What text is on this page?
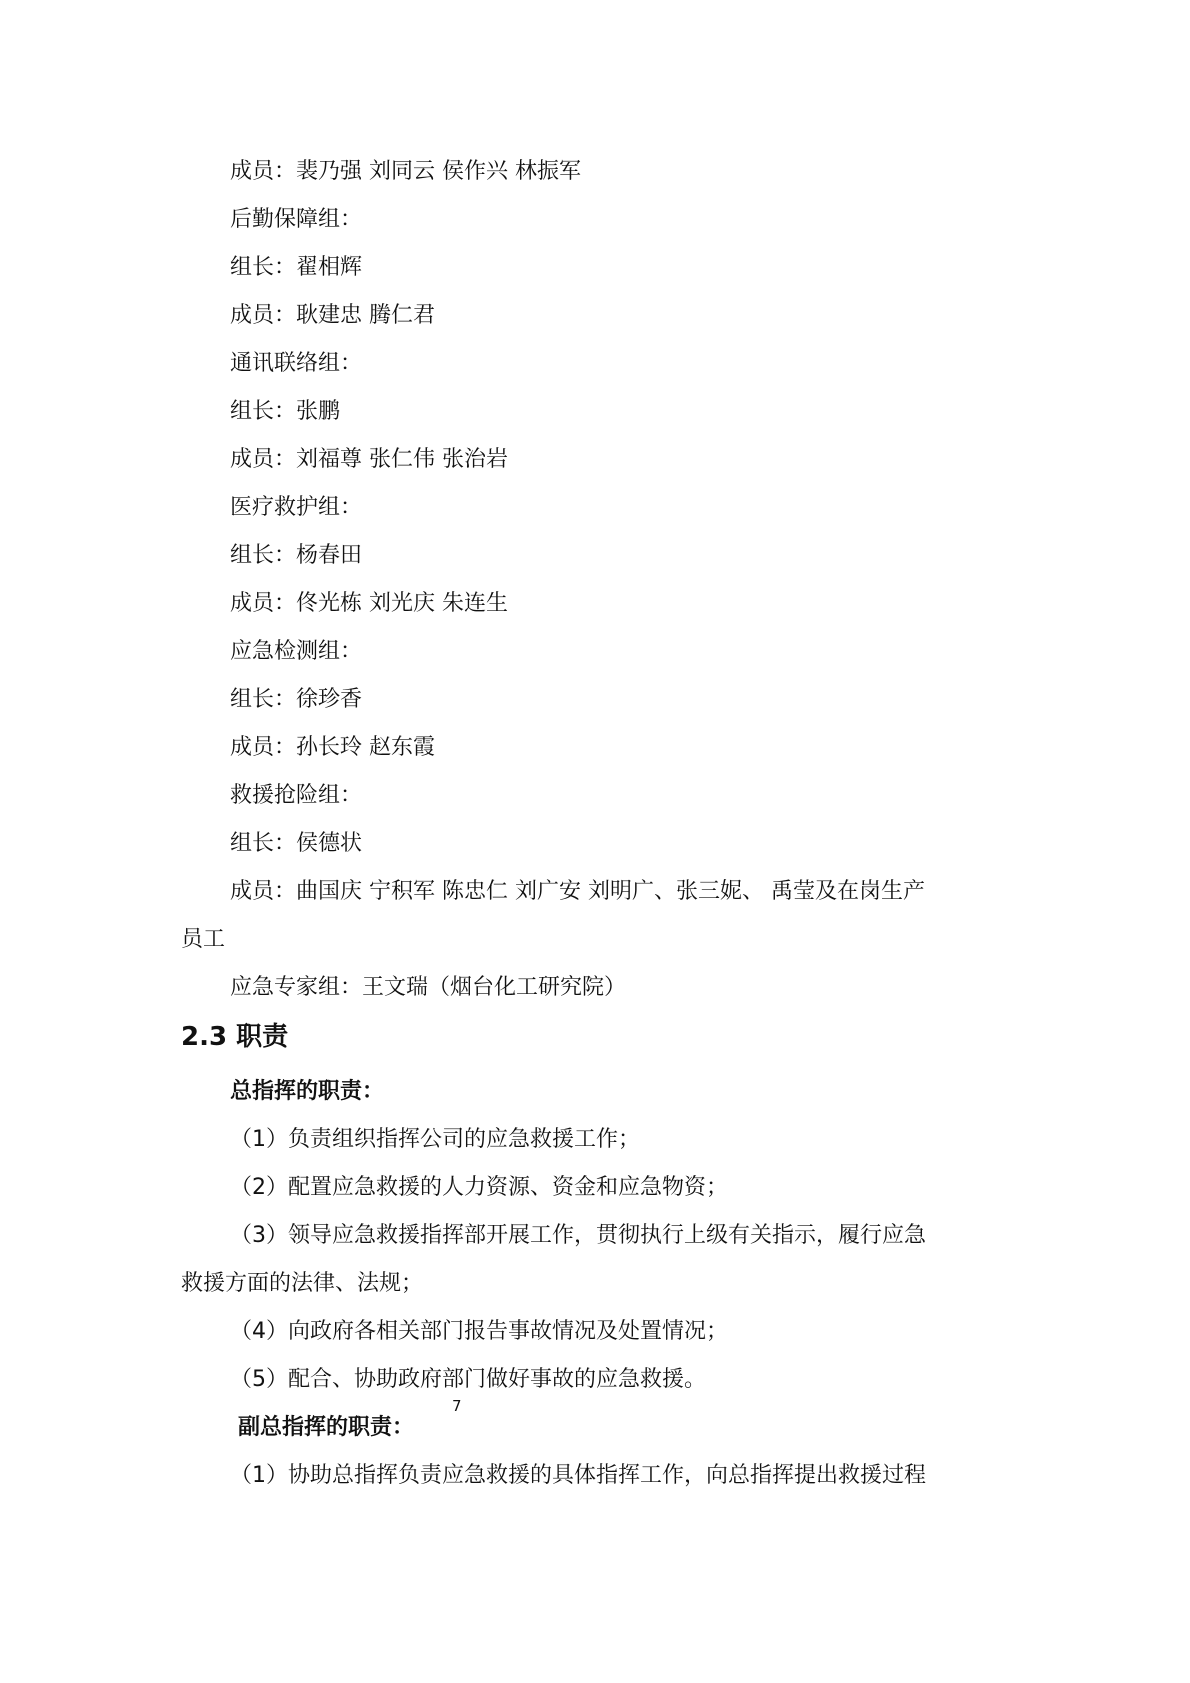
成员：裴乃强 刘同云 侯作兴 林振军
后勤保障组：
组长：翟相辉
成员：耿建忠 腾仁君
通讯联络组：
组长：张鹏
成员：刘福尊 张仁伟 张治岩
医疗救护组：
组长：杨春田
成员：佟光栋 刘光庆 朱连生
应急检测组：
组长：徐珍香
成员：孙长玲 赵东霞
救援抢险组：
组长：侯德状
成员：曲国庆 宁积军 陈忠仁 刘广安 刘明广、张三妮、 禹莹及在岗生产
员工
应急专家组：王文瑞（烟台化工研究院）
2.3 职责
总指挥的职责：
（1）负责组织指挥公司的应急救援工作；
（2）配置应急救援的人力资源、资金和应急物资；
（3）领导应急救援指挥部开展工作，贯彻执行上级有关指示，履行应急
救援方面的法律、法规；
（4）向政府各相关部门报告事故情况及处置情况；
（5）配合、协助政府部门做好事故的应急救援。
7
副总指挥的职责：
（1）协助总指挥负责应急救援的具体指挥工作，向总指挥提出救援过程
